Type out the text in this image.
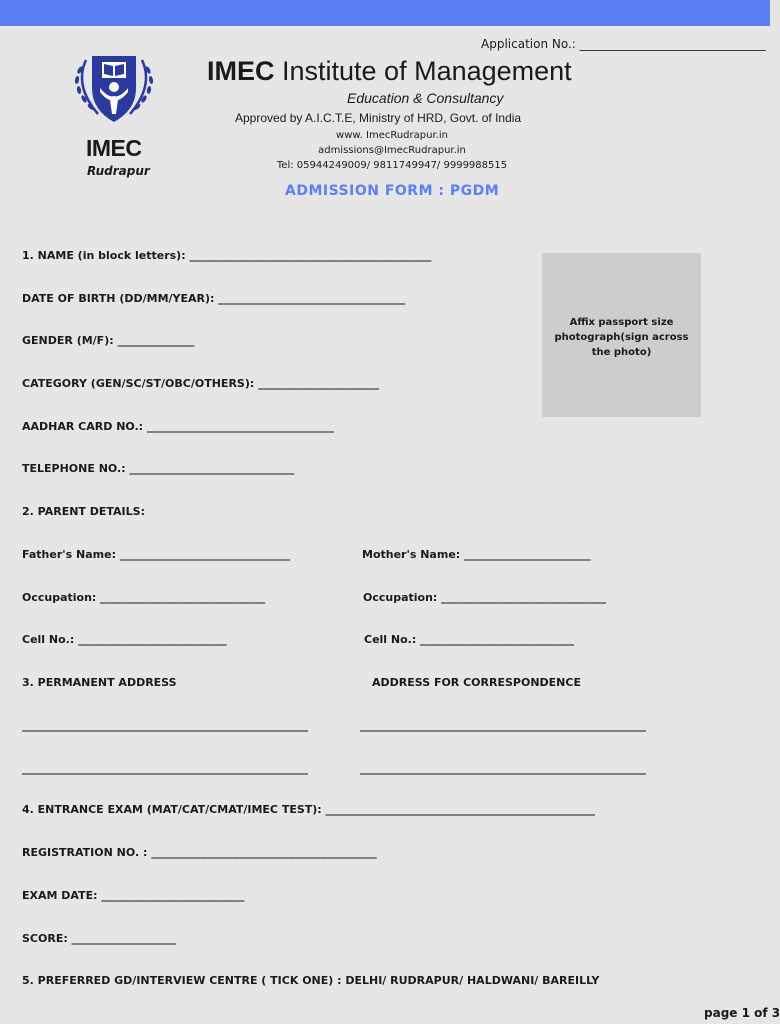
Application No.: _______________________________
IMEC
Rudrapur
IMEC Institute of Management
Education & Consultancy
Approved by A.I.C.T.E, Ministry of HRD, Govt. of India
www. ImecRudrapur.in
admissions@ImecRudrapur.in
Tel: 05944249009/ 9811749947/ 9999988515
ADMISSION FORM : PGDM
Affix passport size photograph(sign across the photo)
1. NAME (in block letters): ____________________________________________
DATE OF BIRTH (DD/MM/YEAR): __________________________________
GENDER (M/F): ______________
CATEGORY (GEN/SC/ST/OBC/OTHERS): ______________________
AADHAR CARD NO.: __________________________________
TELEPHONE NO.: ______________________________
2. PARENT DETAILS:
Father's Name: _______________________________	Mother's Name: _______________________
Occupation: ______________________________	Occupation: ______________________________
Cell No.: ___________________________	Cell No.: ____________________________
3. PERMANENT ADDRESS	ADDRESS FOR CORRESPONDENCE
____________________________________________________	____________________________________________________
____________________________________________________	____________________________________________________
4. ENTRANCE EXAM (MAT/CAT/CMAT/IMEC TEST): _________________________________________________
REGISTRATION NO. : _________________________________________
EXAM DATE: __________________________
SCORE: ___________________
5. PREFERRED GD/INTERVIEW CENTRE ( TICK ONE) : DELHI/ RUDRAPUR/ HALDWANI/ BAREILLY
page 1 of 3
